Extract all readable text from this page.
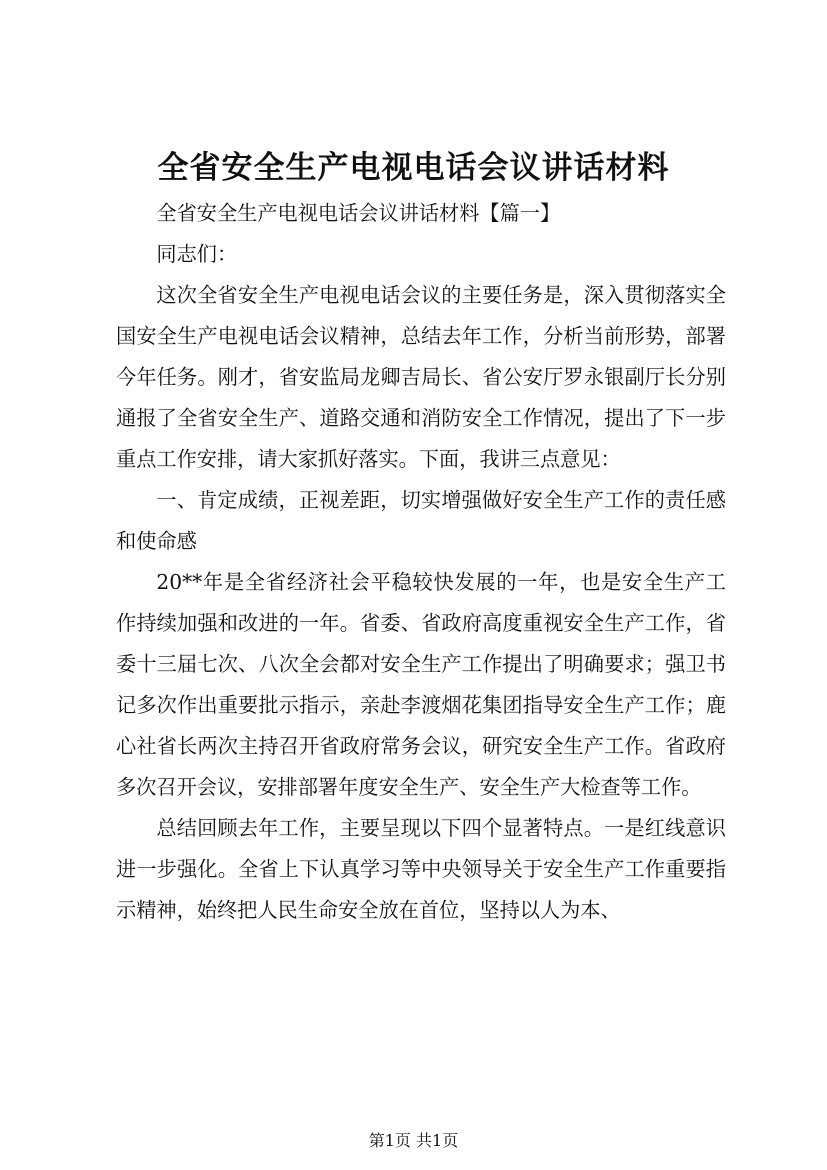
全省安全生产电视电话会议讲话材料

全省安全生产电视电话会议讲话材料【篇一】

同志们：

这次全省安全生产电视电话会议的主要任务是，深入贯彻落实全国安全生产电视电话会议精神，总结去年工作，分析当前形势，部署今年任务。刚才，省安监局龙卿吉局长、省公安厅罗永银副厅长分别通报了全省安全生产、道路交通和消防安全工作情况，提出了下一步重点工作安排，请大家抓好落实。下面，我讲三点意见：

一、肯定成绩，正视差距，切实增强做好安全生产工作的责任感和使命感

20**年是全省经济社会平稳较快发展的一年，也是安全生产工作持续加强和改进的一年。省委、省政府高度重视安全生产工作，省委十三届七次、八次全会都对安全生产工作提出了明确要求；强卫书记多次作出重要批示指示，亲赴李渡烟花集团指导安全生产工作；鹿心社省长两次主持召开省政府常务会议，研究安全生产工作。省政府多次召开会议，安排部署年度安全生产、安全生产大检查等工作。

总结回顾去年工作，主要呈现以下四个显著特点。一是红线意识进一步强化。全省上下认真学习等中央领导关于安全生产工作重要指示精神，始终把人民生命安全放在首位，坚持以人为本、

第1页 共1页
